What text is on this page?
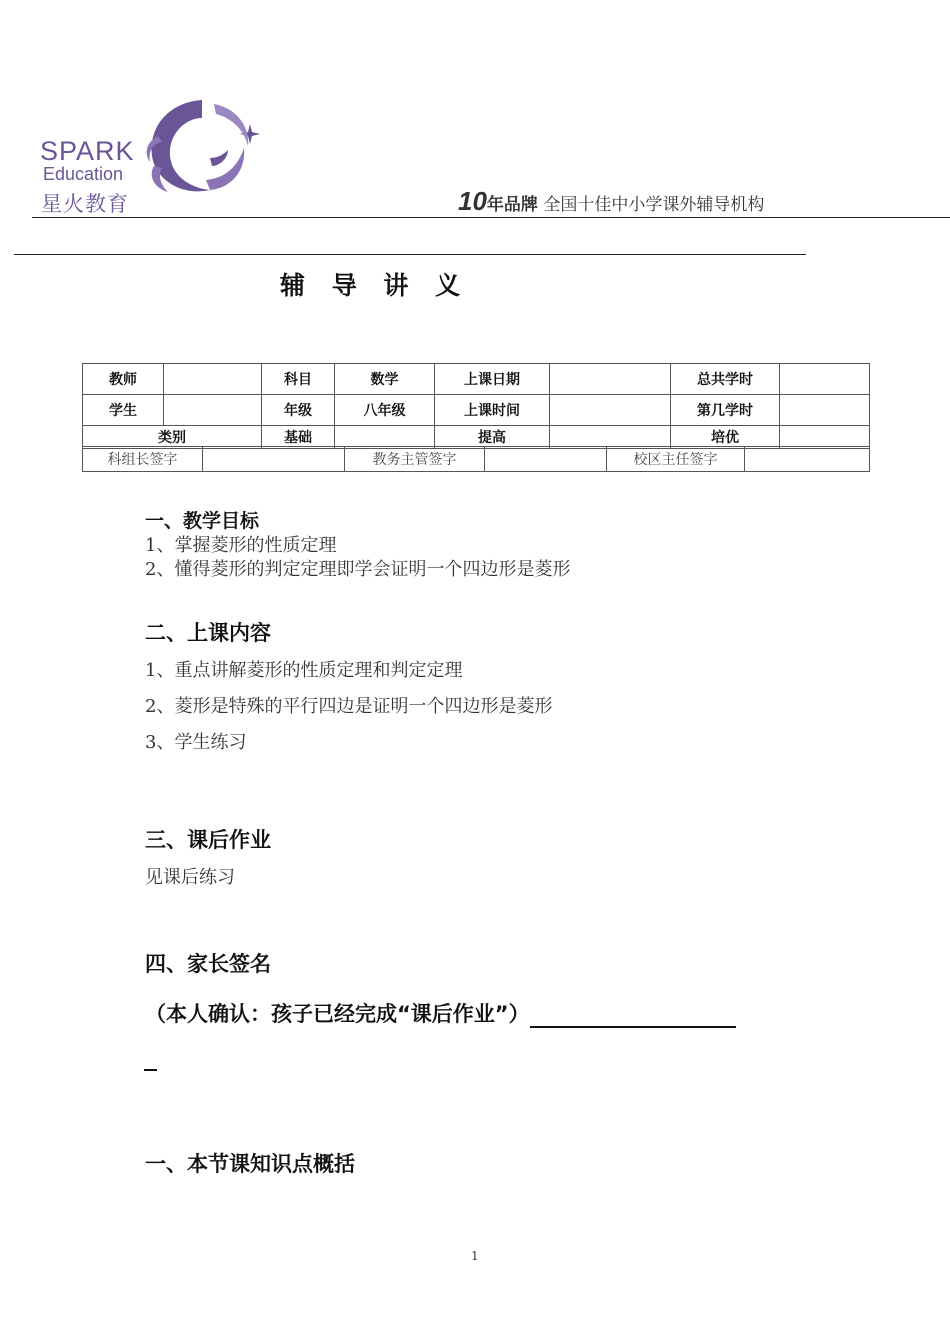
SPARK
Education
星火教育	10年品牌 全国十佳中小学课外辅导机构
辅 导 讲 义
教师		科目	数学	上课日期		总共学时	
学生		年级	八年级	上课时间		第几学时	
类别		基础		提高		培优	
科组长签字		教务主管签字		校区主任签字	
一、教学目标
1、掌握菱形的性质定理
2、懂得菱形的判定定理即学会证明一个四边形是菱形
二、上课内容
1、重点讲解菱形的性质定理和判定定理
2、菱形是特殊的平行四边是证明一个四边形是菱形
3、学生练习
三、课后作业
见课后练习
四、家长签名
（本人确认：孩子已经完成“课后作业”）
一、本节课知识点概括
1
